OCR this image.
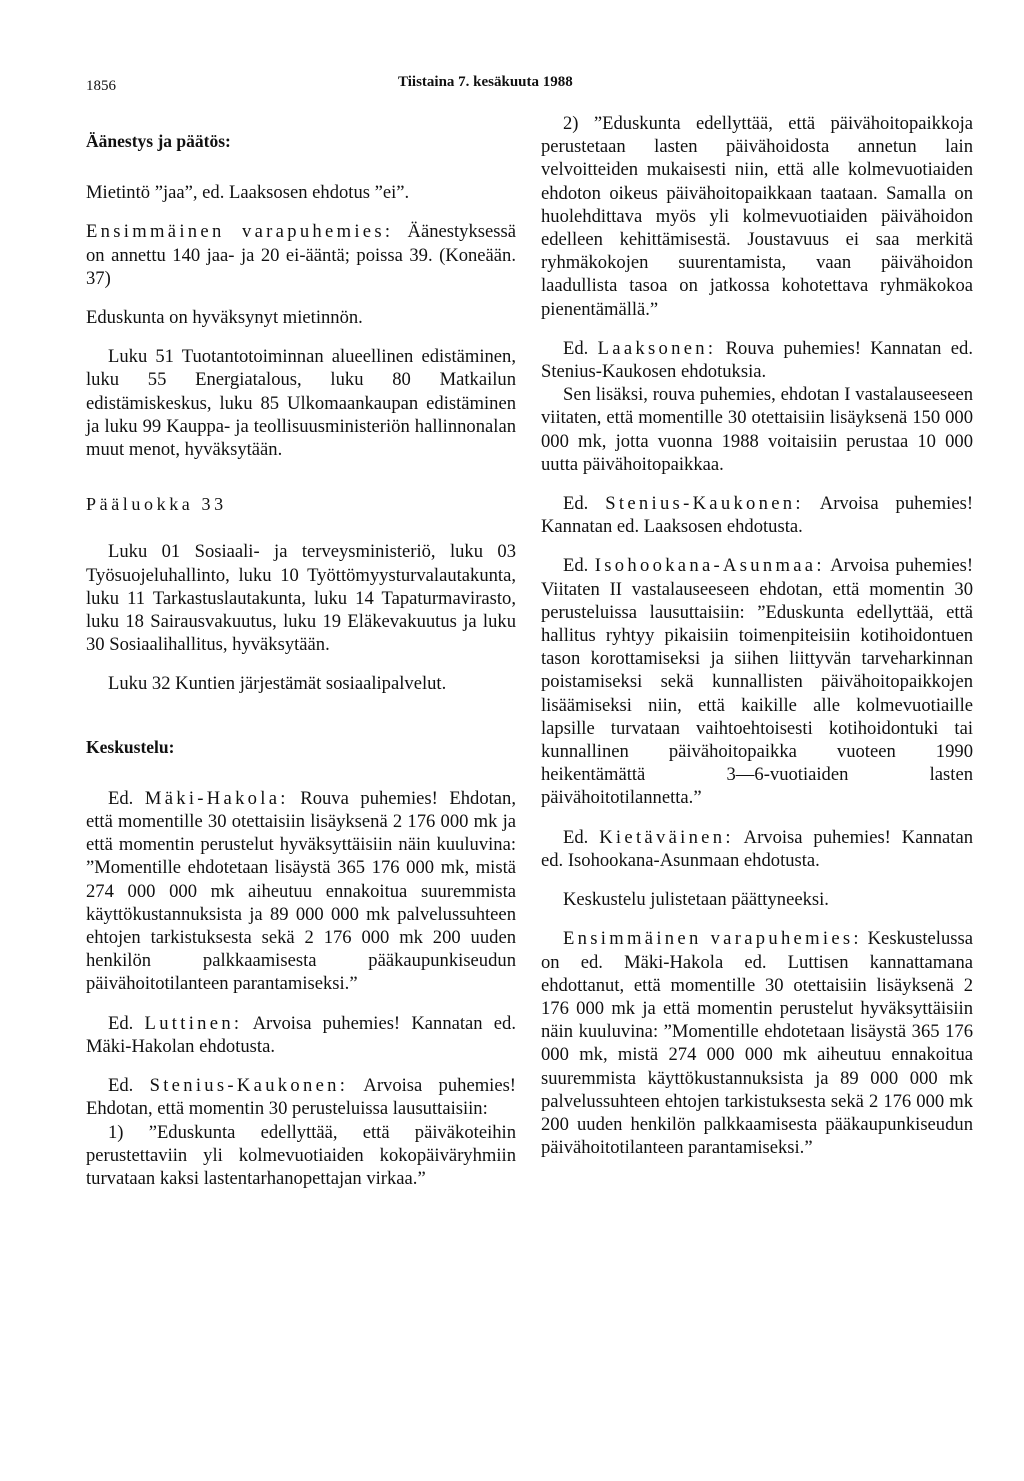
1856	Tiistaina 7. kesäkuuta 1988
Äänestys ja päätös:

Mietintö ”jaa”, ed. Laaksosen ehdotus ”ei”.

Ensimmäinen varapuhemies: Äänestyksessä on annettu 140 jaa- ja 20 ei-ääntä; poissa 39. (Koneään. 37)

Eduskunta on hyväksynyt mietinnön.

Luku 51 Tuotantotoiminnan alueellinen edistäminen, luku 55 Energiatalous, luku 80 Matkailun edistämiskeskus, luku 85 Ulkomaankaupan edistäminen ja luku 99 Kauppa- ja teollisuusministeriön hallinnonalan muut menot, hyväksytään.

Pääluokka 33

Luku 01 Sosiaali- ja terveysministeriö, luku 03 Työsuojeluhallinto, luku 10 Työttömyysturvalautakunta, luku 11 Tarkastuslautakunta, luku 14 Tapaturmavirasto, luku 18 Sairausvakuutus, luku 19 Eläkevakuutus ja luku 30 Sosiaalihallitus, hyväksytään.

Luku 32 Kuntien järjestämät sosiaalipalvelut.

Keskustelu:

Ed. Mäki-Hakola: Rouva puhemies! Ehdotan, että momentille 30 otettaisiin lisäyksenä 2 176 000 mk ja että momentin perustelut hyväksyttäisiin näin kuuluvina: ”Momentille ehdotetaan lisäystä 365 176 000 mk, mistä 274 000 000 mk aiheutuu ennakoitua suuremmista käyttökustannuksista ja 89 000 000 mk palvelussuhteen ehtojen tarkistuksesta sekä 2 176 000 mk 200 uuden henkilön palkkaamisesta pääkaupunkiseudun päivähoitotilanteen parantamiseksi.”

Ed. Luttinen: Arvoisa puhemies! Kannatan ed. Mäki-Hakolan ehdotusta.

Ed. Stenius-Kaukonen: Arvoisa puhemies! Ehdotan, että momentin 30 perusteluissa lausuttaisiin:

1) ”Eduskunta edellyttää, että päiväkoteihin perustettaviin yli kolmevuotiaiden kokopäiväryhmiin turvataan kaksi lastentarhanopettajan virkaa.”

2) ”Eduskunta edellyttää, että päivähoitopaikkoja perustetaan lasten päivähoidosta annetun lain velvoitteiden mukaisesti niin, että alle kolmevuotiaiden ehdoton oikeus päivähoitopaikkaan taataan. Samalla on huolehdittava myös yli kolmevuotiaiden päivähoidon edelleen kehittämisestä. Joustavuus ei saa merkitä ryhmäkokojen suurentamista, vaan päivähoidon laadullista tasoa on jatkossa kohotettava ryhmäkokoa pienentämällä.”

Ed. Laaksonen: Rouva puhemies! Kannatan ed. Stenius-Kaukosen ehdotuksia.

Sen lisäksi, rouva puhemies, ehdotan I vastalauseeseen viitaten, että momentille 30 otettaisiin lisäyksenä 150 000 000 mk, jotta vuonna 1988 voitaisiin perustaa 10 000 uutta päivähoitopaikkaa.

Ed. Stenius-Kaukonen: Arvoisa puhemies! Kannatan ed. Laaksosen ehdotusta.

Ed. Isohookana-Asunmaa: Arvoisa puhemies! Viitaten II vastalauseeseen ehdotan, että momentin 30 perusteluissa lausuttaisiin: ”Eduskunta edellyttää, että hallitus ryhtyy pikaisiin toimenpiteisiin kotihoidontuen tason korottamiseksi ja siihen liittyvän tarveharkinnan poistamiseksi sekä kunnallisten päivähoitopaikkojen lisäämiseksi niin, että kaikille alle kolmevuotiaille lapsille turvataan vaihtoehtoisesti kotihoidontuki tai kunnallinen päivähoitopaikka vuoteen 1990 heikentämättä 3—6-vuotiaiden lasten päivähoitotilannetta.”

Ed. Kietäväinen: Arvoisa puhemies! Kannatan ed. Isohookana-Asunmaan ehdotusta.

Keskustelu julistetaan päättyneeksi.

Ensimmäinen varapuhemies: Keskustelussa on ed. Mäki-Hakola ed. Luttisen kannattamana ehdottanut, että momentille 30 otettaisiin lisäyksenä 2 176 000 mk ja että momentin perustelut hyväksyttäisiin näin kuuluvina: ”Momentille ehdotetaan lisäystä 365 176 000 mk, mistä 274 000 000 mk aiheutuu ennakoitua suuremmista käyttökustannuksista ja 89 000 000 mk palvelussuhteen ehtojen tarkistuksesta sekä 2 176 000 mk 200 uuden henkilön palkkaamisesta pääkaupunkiseudun päivähoitotilanteen parantamiseksi.”
